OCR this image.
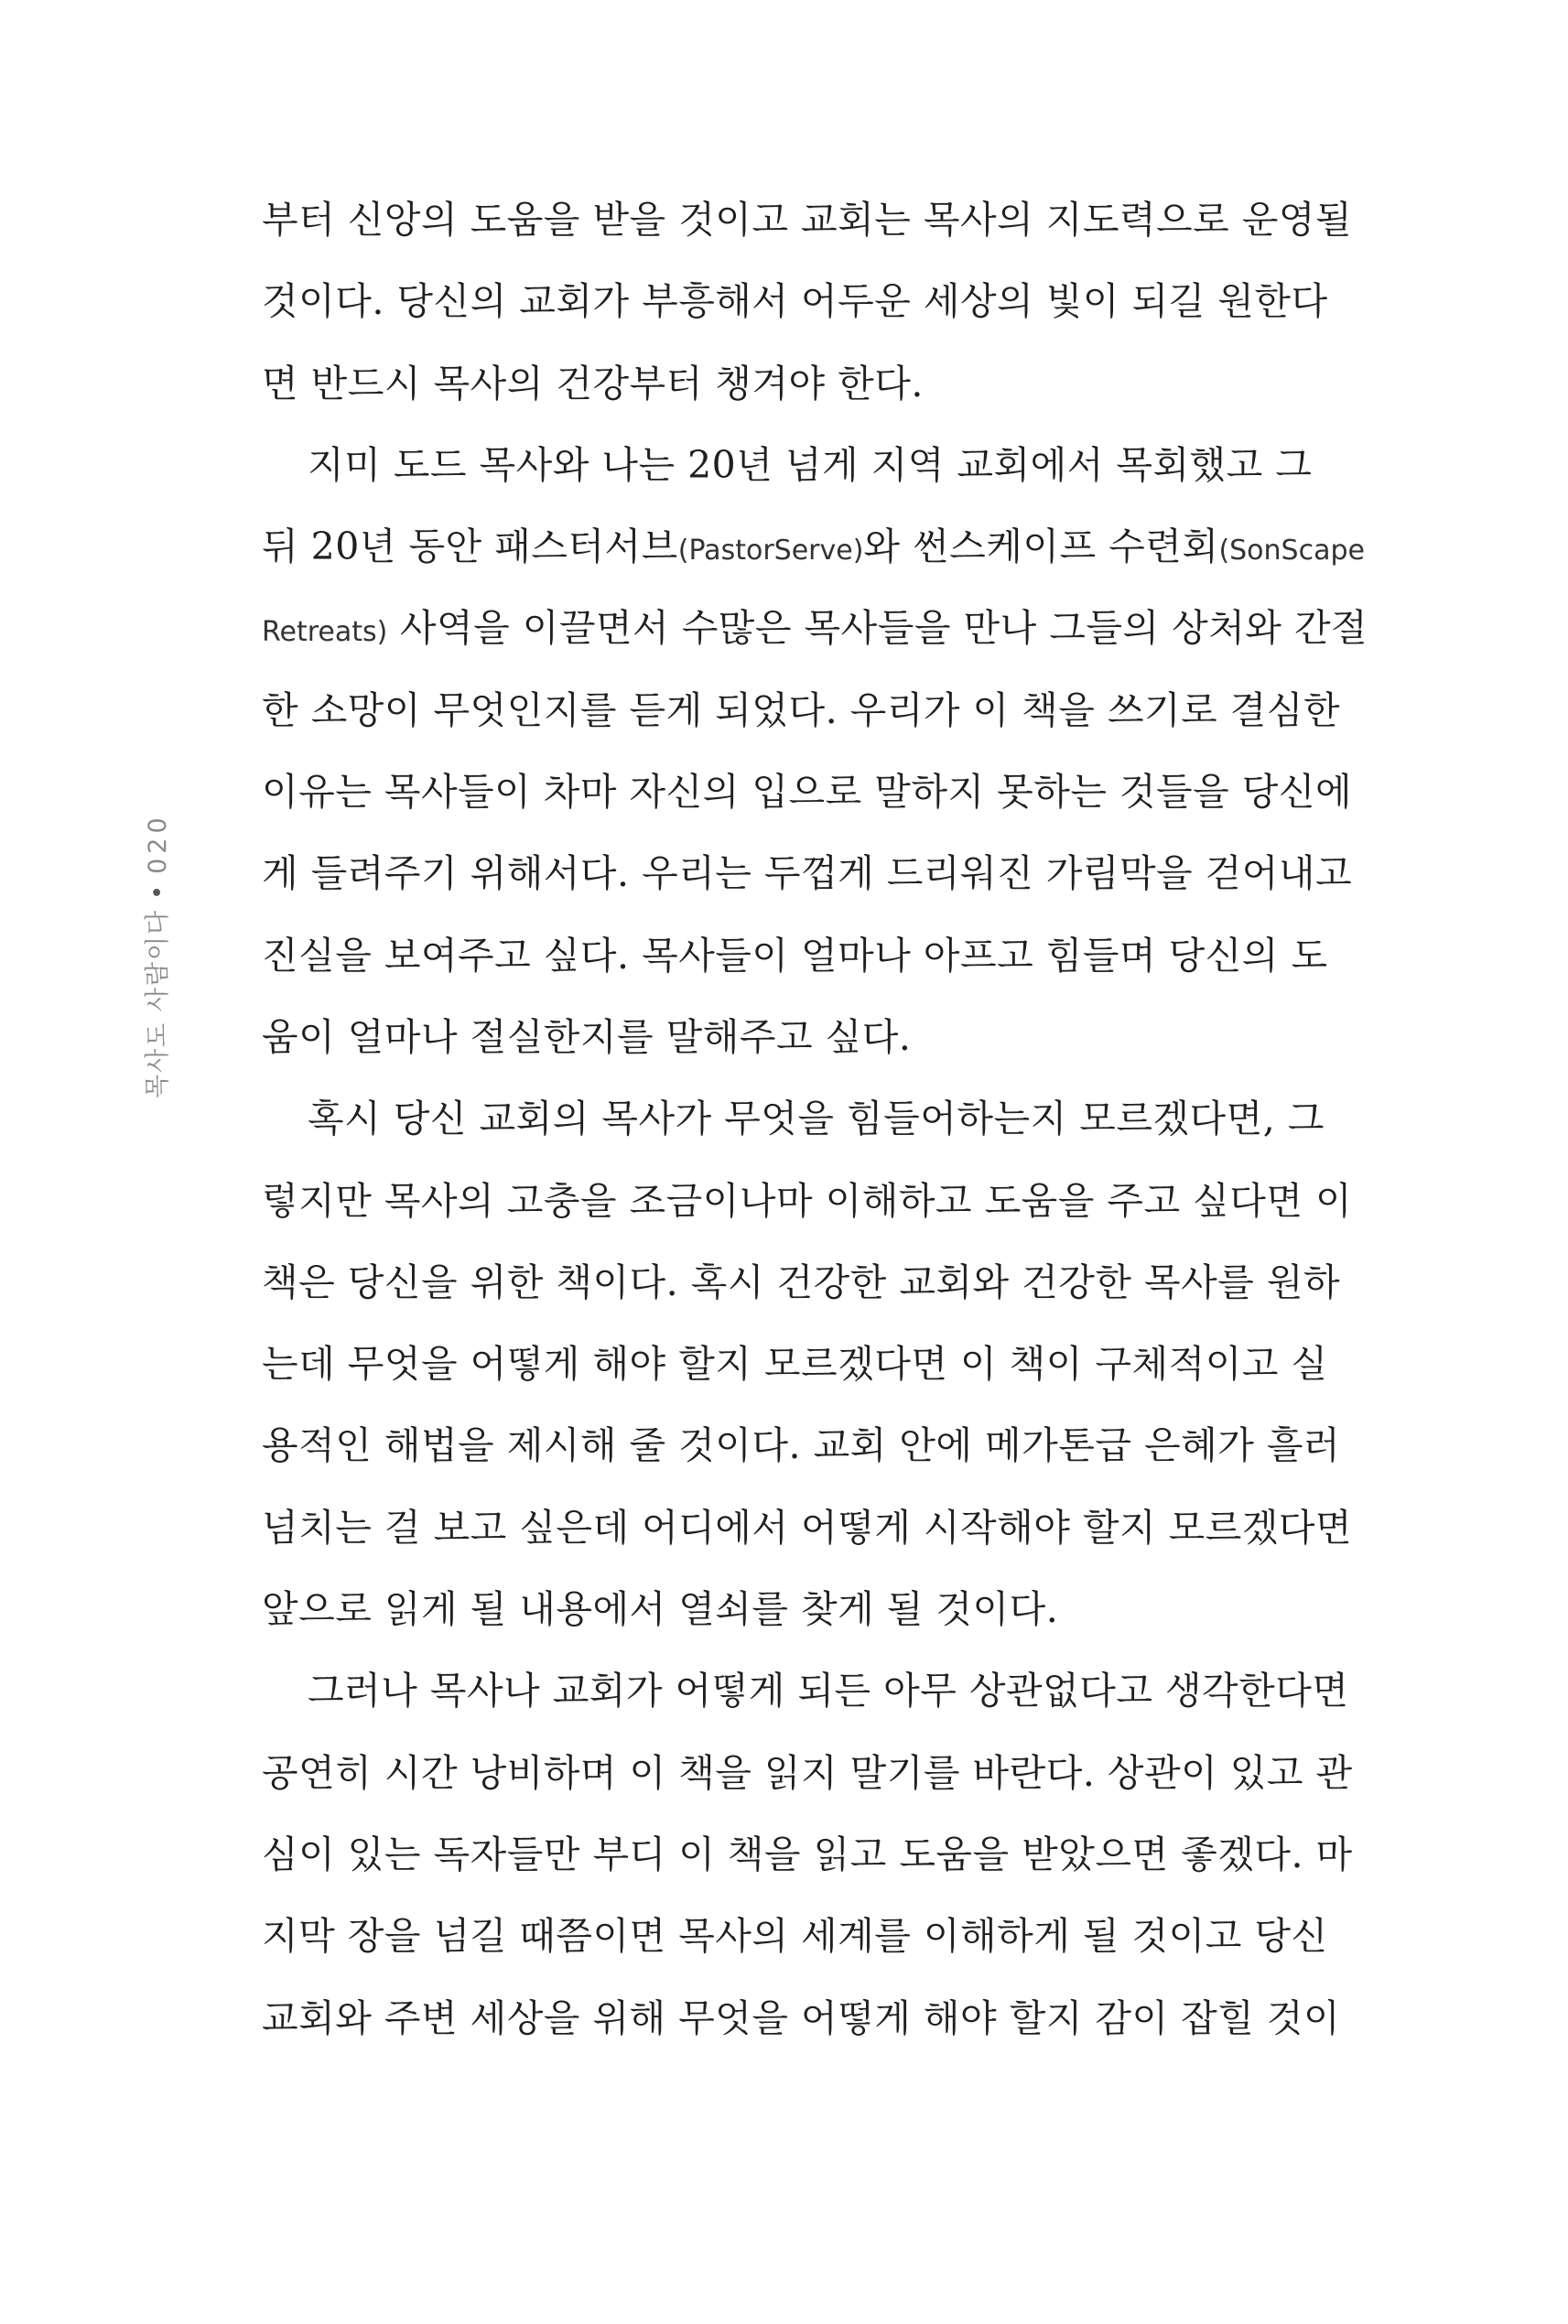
목사도 사람이다•020
부터 신앙의 도움을 받을 것이고 교회는 목사의 지도력으로 운영될
것이다. 당신의 교회가 부흥해서 어두운 세상의 빛이 되길 원한다
면 반드시 목사의 건강부터 챙겨야 한다.
지미 도드 목사와 나는 20년 넘게 지역 교회에서 목회했고 그
뒤 20년 동안 패스터서브(PastorServe)와 썬스케이프 수련회(SonScape
Retreats) 사역을 이끌면서 수많은 목사들을 만나 그들의 상처와 간절
한 소망이 무엇인지를 듣게 되었다. 우리가 이 책을 쓰기로 결심한
이유는 목사들이 차마 자신의 입으로 말하지 못하는 것들을 당신에
게 들려주기 위해서다. 우리는 두껍게 드리워진 가림막을 걷어내고
진실을 보여주고 싶다. 목사들이 얼마나 아프고 힘들며 당신의 도
움이 얼마나 절실한지를 말해주고 싶다.
혹시 당신 교회의 목사가 무엇을 힘들어하는지 모르겠다면, 그
렇지만 목사의 고충을 조금이나마 이해하고 도움을 주고 싶다면 이
책은 당신을 위한 책이다. 혹시 건강한 교회와 건강한 목사를 원하
는데 무엇을 어떻게 해야 할지 모르겠다면 이 책이 구체적이고 실
용적인 해법을 제시해 줄 것이다. 교회 안에 메가톤급 은혜가 흘러
넘치는 걸 보고 싶은데 어디에서 어떻게 시작해야 할지 모르겠다면
앞으로 읽게 될 내용에서 열쇠를 찾게 될 것이다.
그러나 목사나 교회가 어떻게 되든 아무 상관없다고 생각한다면
공연히 시간 낭비하며 이 책을 읽지 말기를 바란다. 상관이 있고 관
심이 있는 독자들만 부디 이 책을 읽고 도움을 받았으면 좋겠다. 마
지막 장을 넘길 때쯤이면 목사의 세계를 이해하게 될 것이고 당신
교회와 주변 세상을 위해 무엇을 어떻게 해야 할지 감이 잡힐 것이
